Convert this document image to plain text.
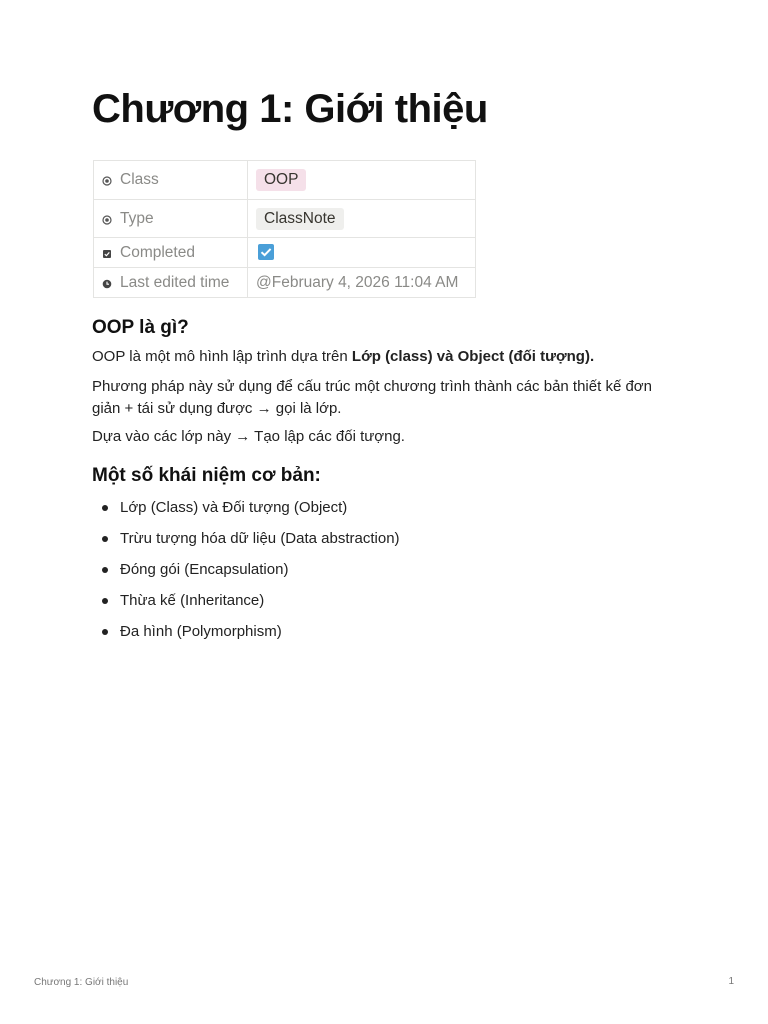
Chương 1: Giới thiệu
Class	OOP

Type	ClassNote

Completed	

Last edited time	@February 4, 2026 11:04 AM
OOP là gì?

OOP là một mô hình lập trình dựa trên Lớp (class) và Object (đối tượng).

Phương pháp này sử dụng để cấu trúc một chương trình thành các bản thiết kế đơn giản + tái sử dụng được → gọi là lớp.

Dựa vào các lớp này → Tạo lập các đối tượng.

Một số khái niệm cơ bản:
Lớp (Class) và Đối tượng (Object)
Trừu tượng hóa dữ liệu (Data abstraction)
Đóng gói (Encapsulation)
Thừa kế (Inheritance)
Đa hình (Polymorphism)
Chương 1: Giới thiệu	1
